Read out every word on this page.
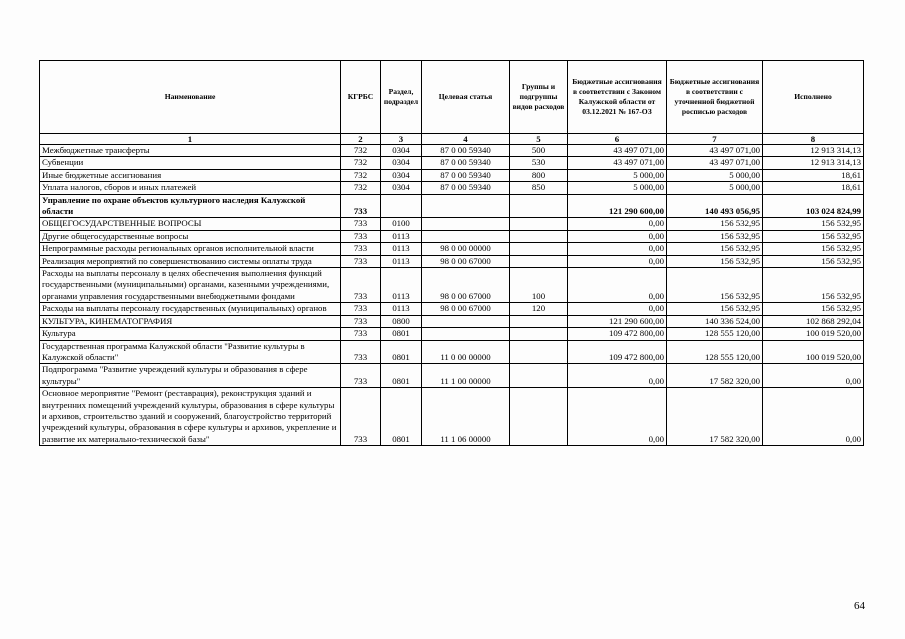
Наименование	КГРБС	Раздел, подраздел	Целевая статья	Группы и подгруппы видов расходов	Бюджетные ассигнования в соответствии с Законом Калужской области от 03.12.2021 № 167-ОЗ	Бюджетные ассигнования в соответствии с уточненной бюджетной росписью расходов	Исполнено
1	2	3	4	5	6	7	8
Межбюджетные трансферты	732	0304	87 0 00 59340	500	43 497 071,00	43 497 071,00	12 913 314,13
Субвенции	732	0304	87 0 00 59340	530	43 497 071,00	43 497 071,00	12 913 314,13
Иные бюджетные ассигнования	732	0304	87 0 00 59340	800	5 000,00	5 000,00	18,61
Уплата налогов, сборов и иных платежей	732	0304	87 0 00 59340	850	5 000,00	5 000,00	18,61
Управление по охране объектов культурного наследия Калужской области	733				121 290 600,00	140 493 056,95	103 024 824,99
ОБЩЕГОСУДАРСТВЕННЫЕ ВОПРОСЫ	733	0100			0,00	156 532,95	156 532,95
Другие общегосударственные вопросы	733	0113			0,00	156 532,95	156 532,95
Непрограммные расходы региональных органов исполнительной власти	733	0113	98 0 00 00000		0,00	156 532,95	156 532,95
Реализация мероприятий по совершенствованию системы оплаты труда	733	0113	98 0 00 67000		0,00	156 532,95	156 532,95
Расходы на выплаты персоналу в целях обеспечения выполнения функций государственными (муниципальными) органами, казенными учреждениями, органами управления государственными внебюджетными фондами	733	0113	98 0 00 67000	100	0,00	156 532,95	156 532,95
Расходы на выплаты персоналу государственных (муниципальных) органов	733	0113	98 0 00 67000	120	0,00	156 532,95	156 532,95
КУЛЬТУРА, КИНЕМАТОГРАФИЯ	733	0800			121 290 600,00	140 336 524,00	102 868 292,04
Культура	733	0801			109 472 800,00	128 555 120,00	100 019 520,00
Государственная программа Калужской области "Развитие культуры в Калужской области"	733	0801	11 0 00 00000		109 472 800,00	128 555 120,00	100 019 520,00
Подпрограмма "Развитие учреждений культуры и образования в сфере культуры"	733	0801	11 1 00 00000		0,00	17 582 320,00	0,00
Основное мероприятие "Ремонт (реставрация), реконструкция зданий и внутренних помещений учреждений культуры, образования в сфере культуры и архивов, строительство зданий и сооружений, благоустройство территорий учреждений культуры, образования в сфере культуры и архивов, укрепление и развитие их материально-технической базы"	733	0801	11 1 06 00000		0,00	17 582 320,00	0,00
64
